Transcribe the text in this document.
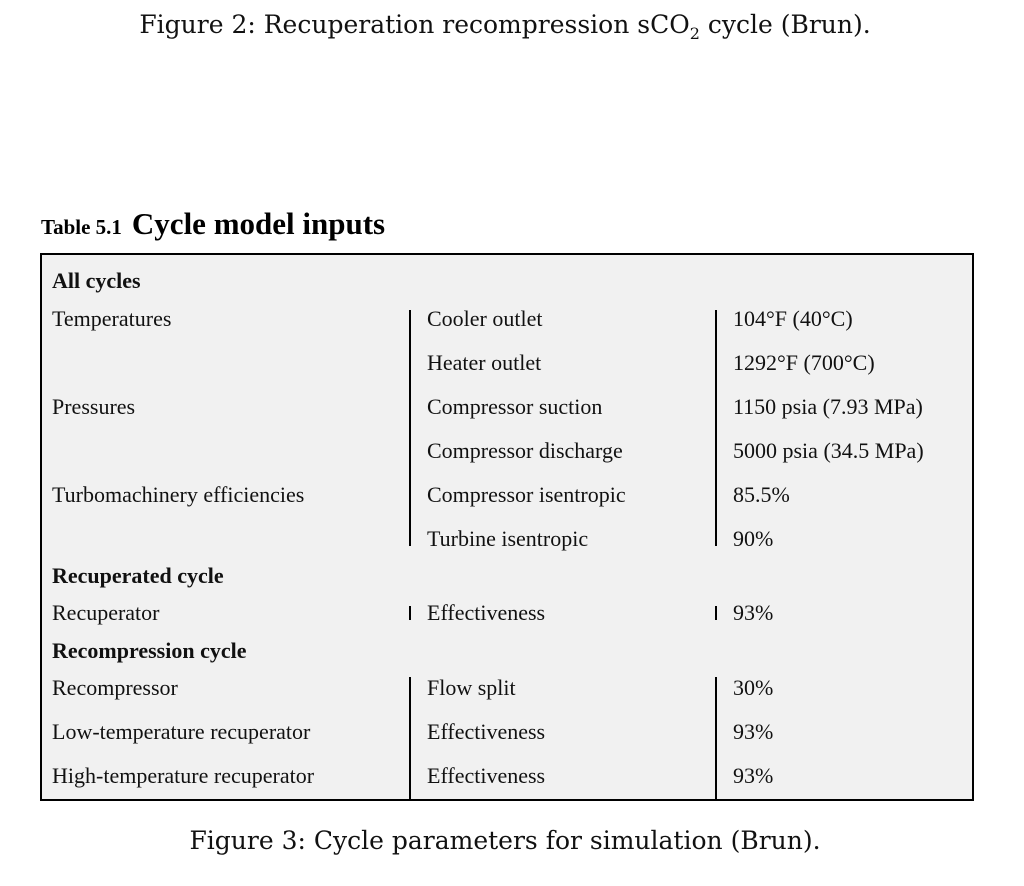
Figure 2: Recuperation recompression sCO$_2$ cycle (Brun).
Table 5.1 Cycle model inputs
All cycles
Temperatures	Cooler outlet	104°F (40°C)
Heater outlet	1292°F (700°C)
Pressures	Compressor suction	1150 psia (7.93 MPa)
Compressor discharge	5000 psia (34.5 MPa)
Turbomachinery efficiencies	Compressor isentropic	85.5%
Turbine isentropic	90%
Recuperated cycle
Recuperator	Effectiveness	93%
Recompression cycle
Recompressor	Flow split	30%
Low-temperature recuperator	Effectiveness	93%
High-temperature recuperator	Effectiveness	93%
Figure 3: Cycle parameters for simulation (Brun).
